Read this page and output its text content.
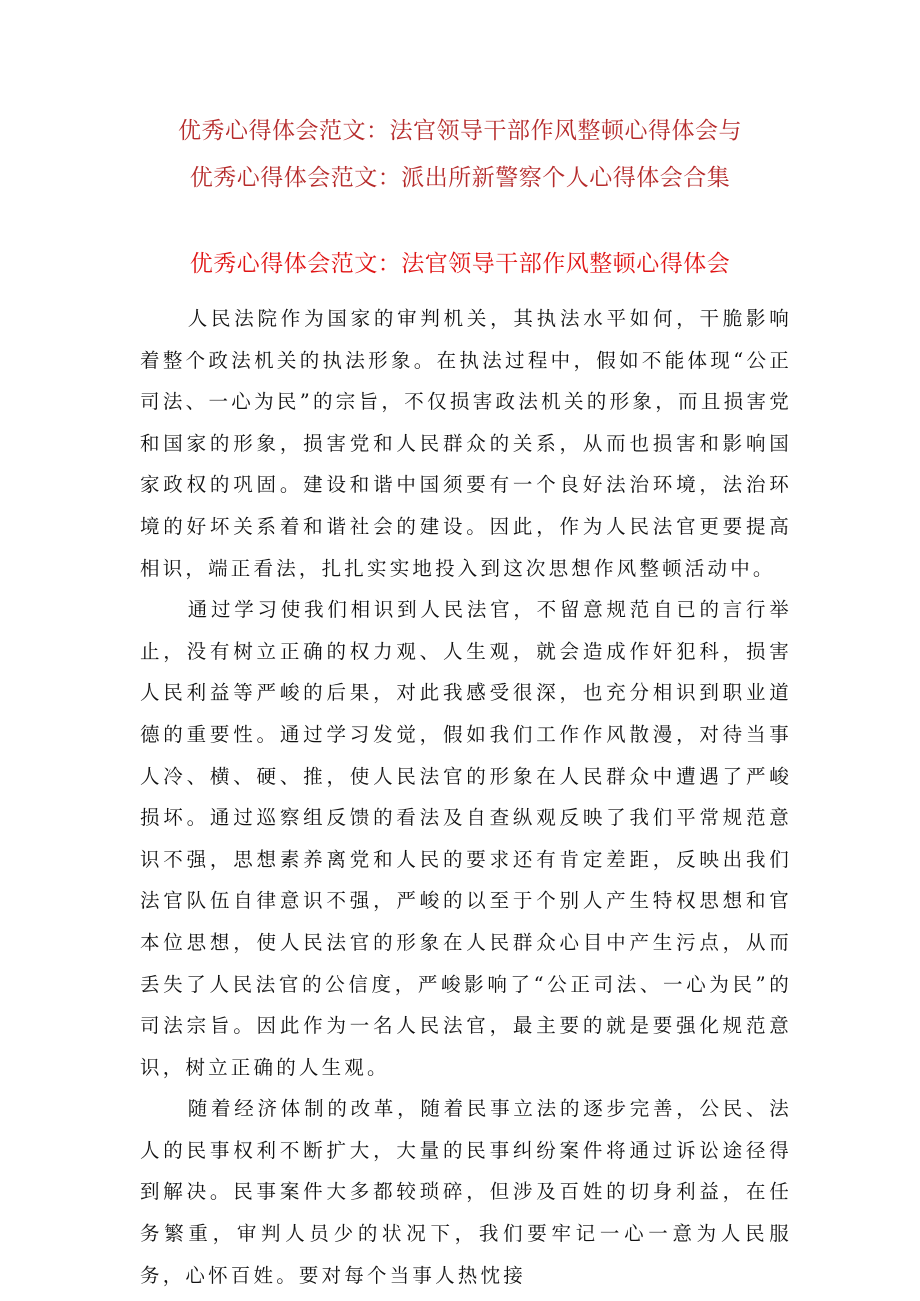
优秀心得体会范文：法官领导干部作风整顿心得体会与
优秀心得体会范文：派出所新警察个人心得体会合集
优秀心得体会范文：法官领导干部作风整顿心得体会

人民法院作为国家的审判机关，其执法水平如何，干脆影响着整个政法机关的执法形象。在执法过程中，假如不能体现“公正司法、一心为民”的宗旨，不仅损害政法机关的形象，而且损害党和国家的形象，损害党和人民群众的关系，从而也损害和影响国家政权的巩固。建设和谐中国须要有一个良好法治环境，法治环境的好坏关系着和谐社会的建设。因此，作为人民法官更要提高相识，端正看法，扎扎实实地投入到这次思想作风整顿活动中。

通过学习使我们相识到人民法官，不留意规范自已的言行举止，没有树立正确的权力观、人生观，就会造成作奸犯科，损害人民利益等严峻的后果，对此我感受很深，也充分相识到职业道德的重要性。通过学习发觉，假如我们工作作风散漫，对待当事人冷、横、硬、推，使人民法官的形象在人民群众中遭遇了严峻损坏。通过巡察组反馈的看法及自查纵观反映了我们平常规范意识不强，思想素养离党和人民的要求还有肯定差距，反映出我们法官队伍自律意识不强，严峻的以至于个别人产生特权思想和官本位思想，使人民法官的形象在人民群众心目中产生污点，从而丢失了人民法官的公信度，严峻影响了“公正司法、一心为民”的司法宗旨。因此作为一名人民法官，最主要的就是要强化规范意识，树立正确的人生观。

随着经济体制的改革，随着民事立法的逐步完善，公民、法人的民事权利不断扩大，大量的民事纠纷案件将通过诉讼途径得到解决。民事案件大多都较琐碎，但涉及百姓的切身利益，在任务繁重，审判人员少的状况下，我们要牢记一心一意为人民服务，心怀百姓。要对每个当事人热忱接
